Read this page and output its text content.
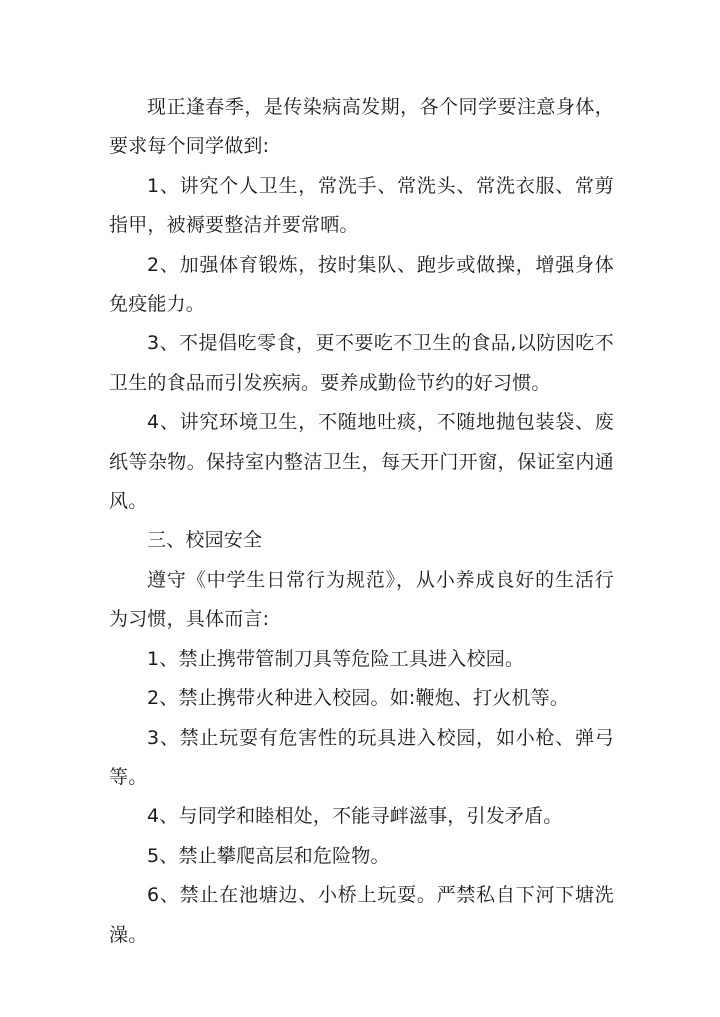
现正逢春季，是传染病高发期，各个同学要注意身体，要求每个同学做到:

1、讲究个人卫生，常洗手、常洗头、常洗衣服、常剪指甲，被褥要整洁并要常晒。

2、加强体育锻炼，按时集队、跑步或做操，增强身体免疫能力。

3、不提倡吃零食，更不要吃不卫生的食品,以防因吃不卫生的食品而引发疾病。要养成勤俭节约的好习惯。

4、讲究环境卫生，不随地吐痰，不随地抛包装袋、废纸等杂物。保持室内整洁卫生，每天开门开窗，保证室内通风。

三、校园安全

遵守《中学生日常行为规范》，从小养成良好的生活行为习惯，具体而言:

1、禁止携带管制刀具等危险工具进入校园。

2、禁止携带火种进入校园。如:鞭炮、打火机等。

3、禁止玩耍有危害性的玩具进入校园，如小枪、弹弓等。

4、与同学和睦相处，不能寻衅滋事，引发矛盾。

5、禁止攀爬高层和危险物。

6、禁止在池塘边、小桥上玩耍。严禁私自下河下塘洗澡。
